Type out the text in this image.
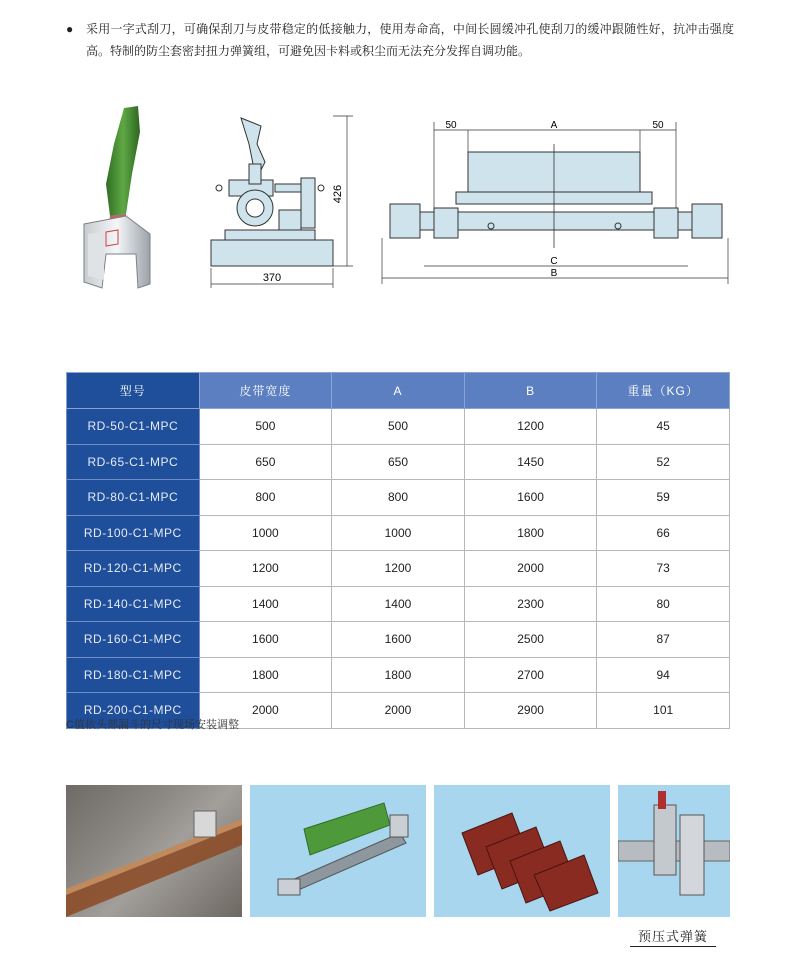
● 采用一字式刮刀，可确保刮刀与皮带稳定的低接触力，使用寿命高，中间长圆缓冲孔使刮刀的缓冲跟随性好，抗冲击强度高。特制的防尘套密封扭力弹簧组，可避免因卡料或积尘而无法充分发挥自调功能。
370
426
50	50
A
C
B
型号	皮带宽度	A	B	重量（KG）
RD-50-C1-MPC	500	500	1200	45
RD-65-C1-MPC	650	650	1450	52
RD-80-C1-MPC	800	800	1600	59
RD-100-C1-MPC	1000	1000	1800	66
RD-120-C1-MPC	1200	1200	2000	73
RD-140-C1-MPC	1400	1400	2300	80
RD-160-C1-MPC	1600	1600	2500	87
RD-180-C1-MPC	1800	1800	2700	94
RD-200-C1-MPC	2000	2000	2900	101
C值依头部漏斗的尺寸现场安装调整
预压式弹簧
